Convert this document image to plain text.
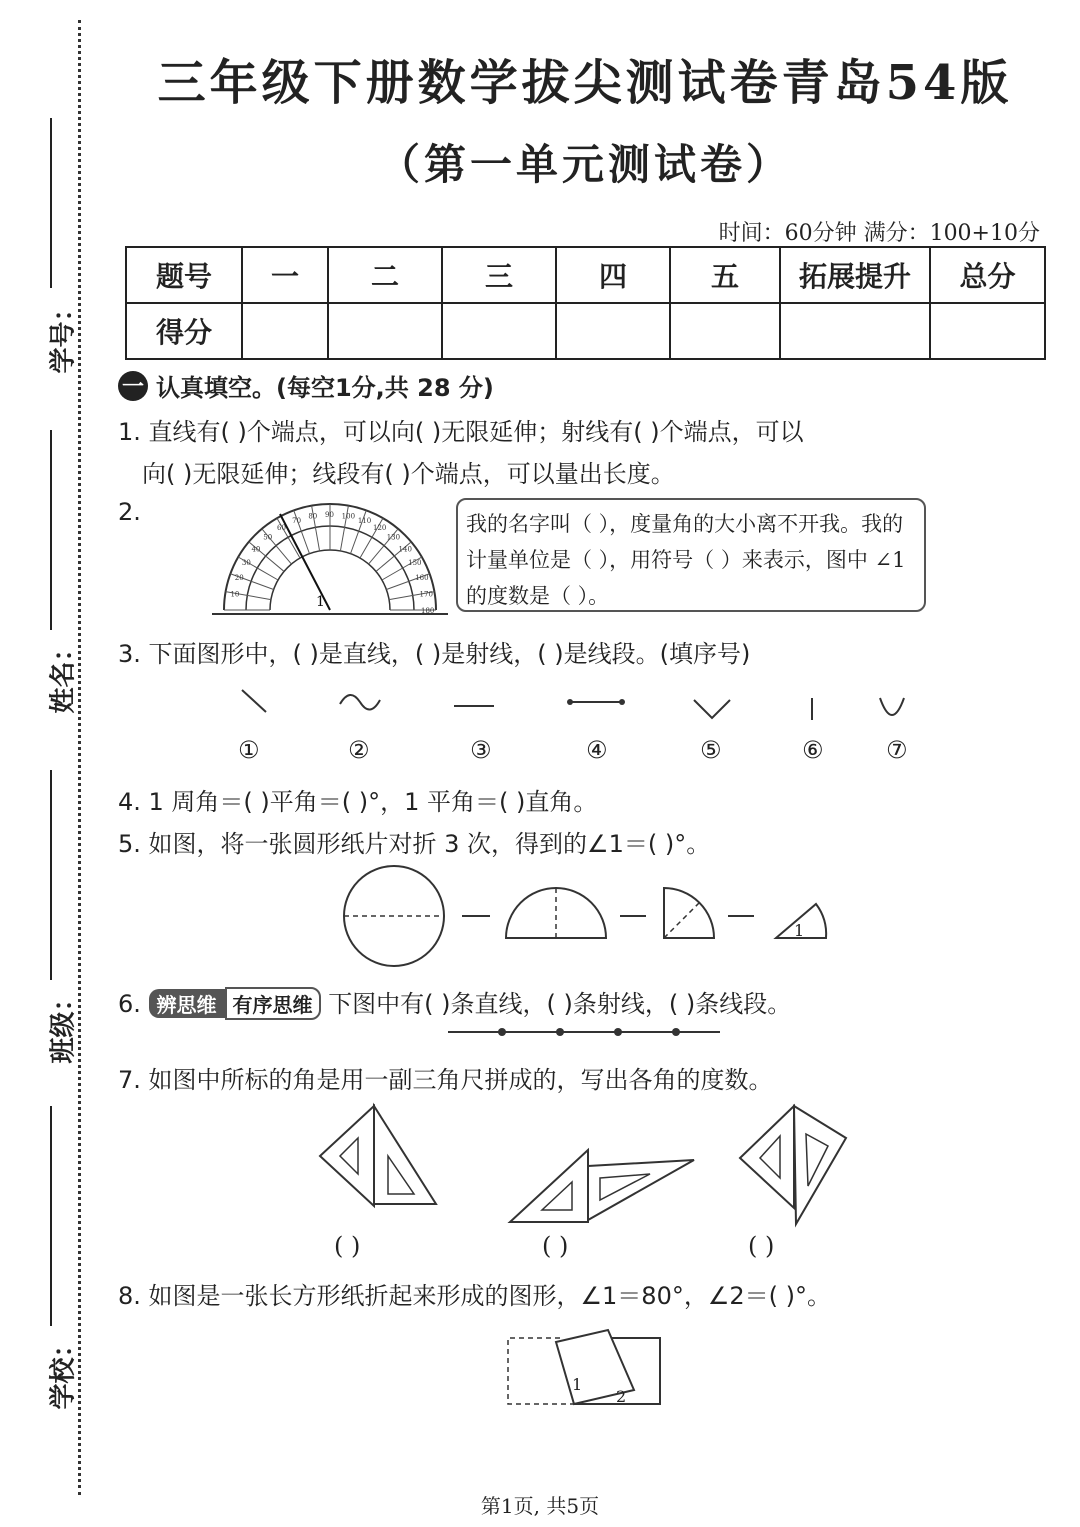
学号：
姓名：
班级：
学校：
三年级下册数学拔尖测试卷青岛54版
（第一单元测试卷）
时间：60分钟 满分：100+10分
题号	一	二	三	四	五	拓展提升	总分
得分							
一 认真填空。(每空1分,共 28 分)
1. 直线有( )个端点，可以向( )无限延伸；射线有( )个端点，可以
向( )无限延伸；线段有( )个端点，可以量出长度。
2.
10
20
30
40
50
60
70
80 90 100
110
120
130
140
150
160
170
180
1
我的名字叫（ ），度量角的大小离不开我。我的计量单位是（ ），用符号（ ）来表示，图中 ∠1 的度数是（ ）。
3. 下面图形中，( )是直线，( )是射线，( )是线段。(填序号)
①	②	③	④	⑤	⑥	⑦
4. 1 周角＝( )平角＝( )°，1 平角＝( )直角。
5. 如图，将一张圆形纸片对折 3 次，得到的∠1＝( )°。
1
6. 辨思维 有序思维 下图中有( )条直线，( )条射线，( )条线段。
7. 如图中所标的角是用一副三角尺拼成的，写出各角的度数。
( )	( )	( )
8. 如图是一张长方形纸折起来形成的图形，∠1＝80°，∠2＝( )°。
1
2
第1页, 共5页
